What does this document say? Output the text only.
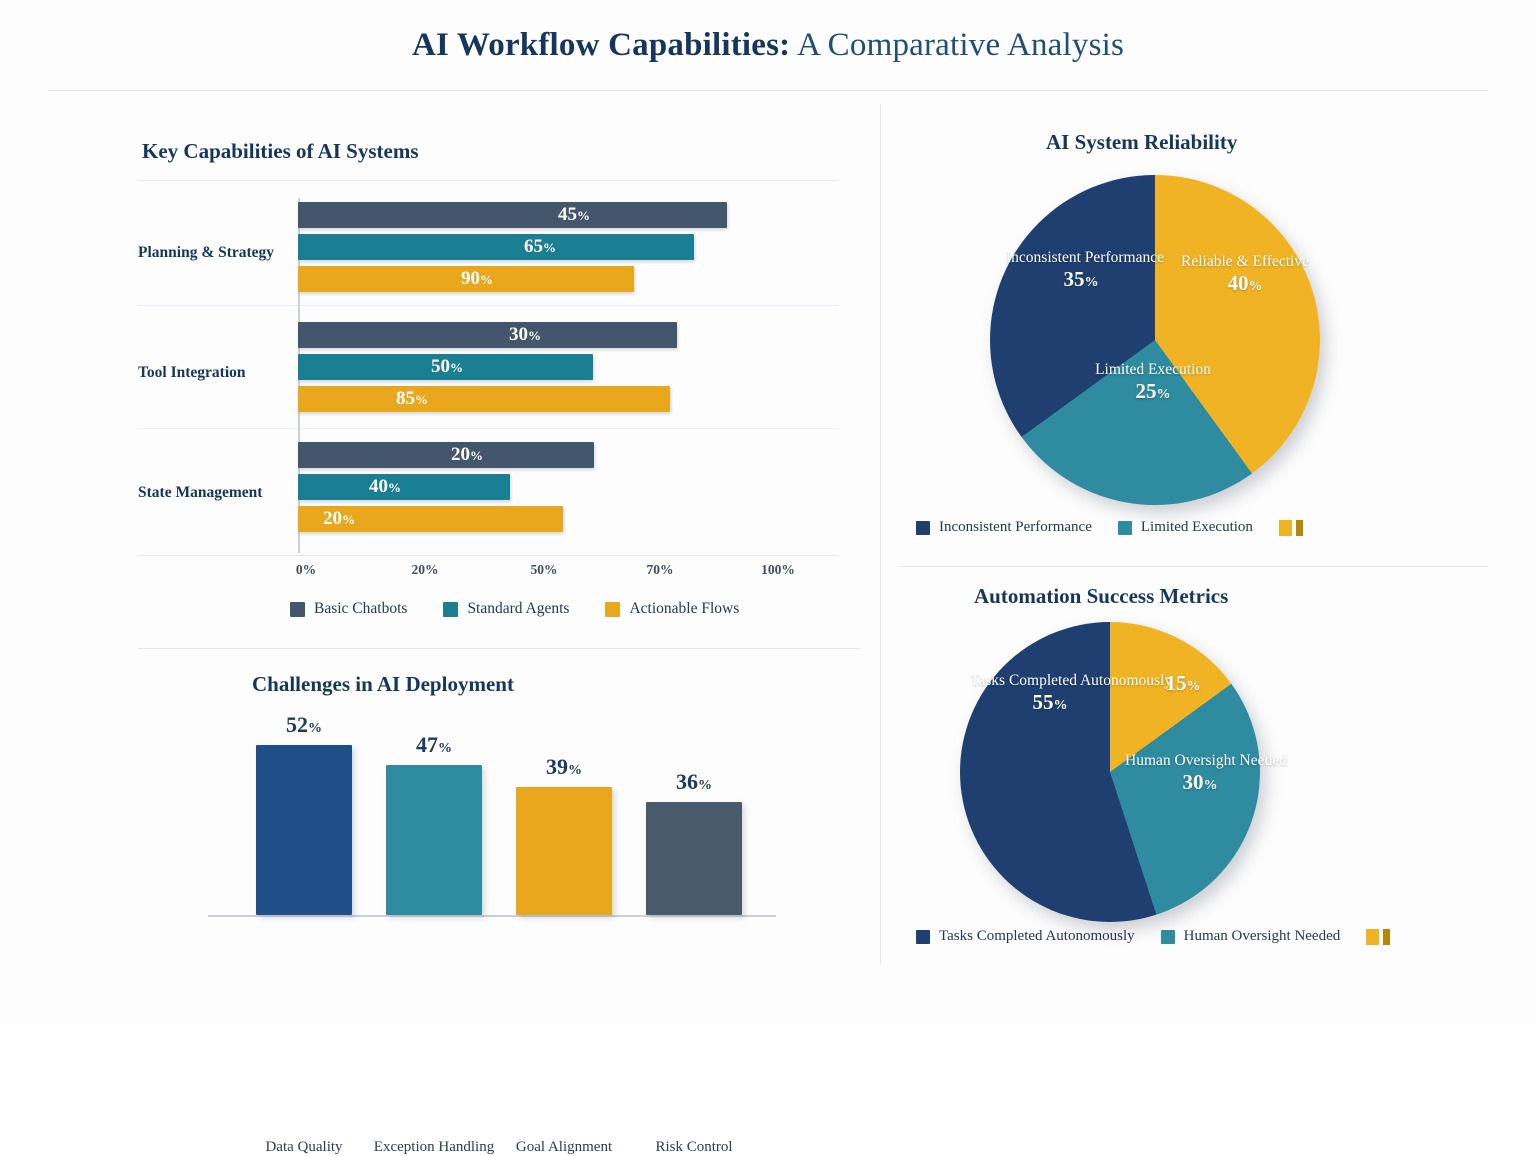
AI Workflow Capabilities: A Comparative Analysis
Key Capabilities of AI Systems
Challenges in AI Deployment
AI System Reliability
Automation Success Metrics
Planning & Strategy
45%
65%
90%
Tool Integration
30%
50%
85%
State Management
20%
40%
20%
0%	20%	50%	70%	100%
Basic Chatbots	Standard Agents	Actionable Flows
52%
Data Quality
47%
Exception Handling
39%
Goal Alignment
36%
Risk Control
Inconsistent Performance
35%
Reliable & Effective
40%
Limited Execution
25%
Inconsistent Performance	Limited Execution
Tasks Completed Autonomously
55%
Human Oversight Needed
30%
15%
Tasks Completed Autonomously	Human Oversight Needed
